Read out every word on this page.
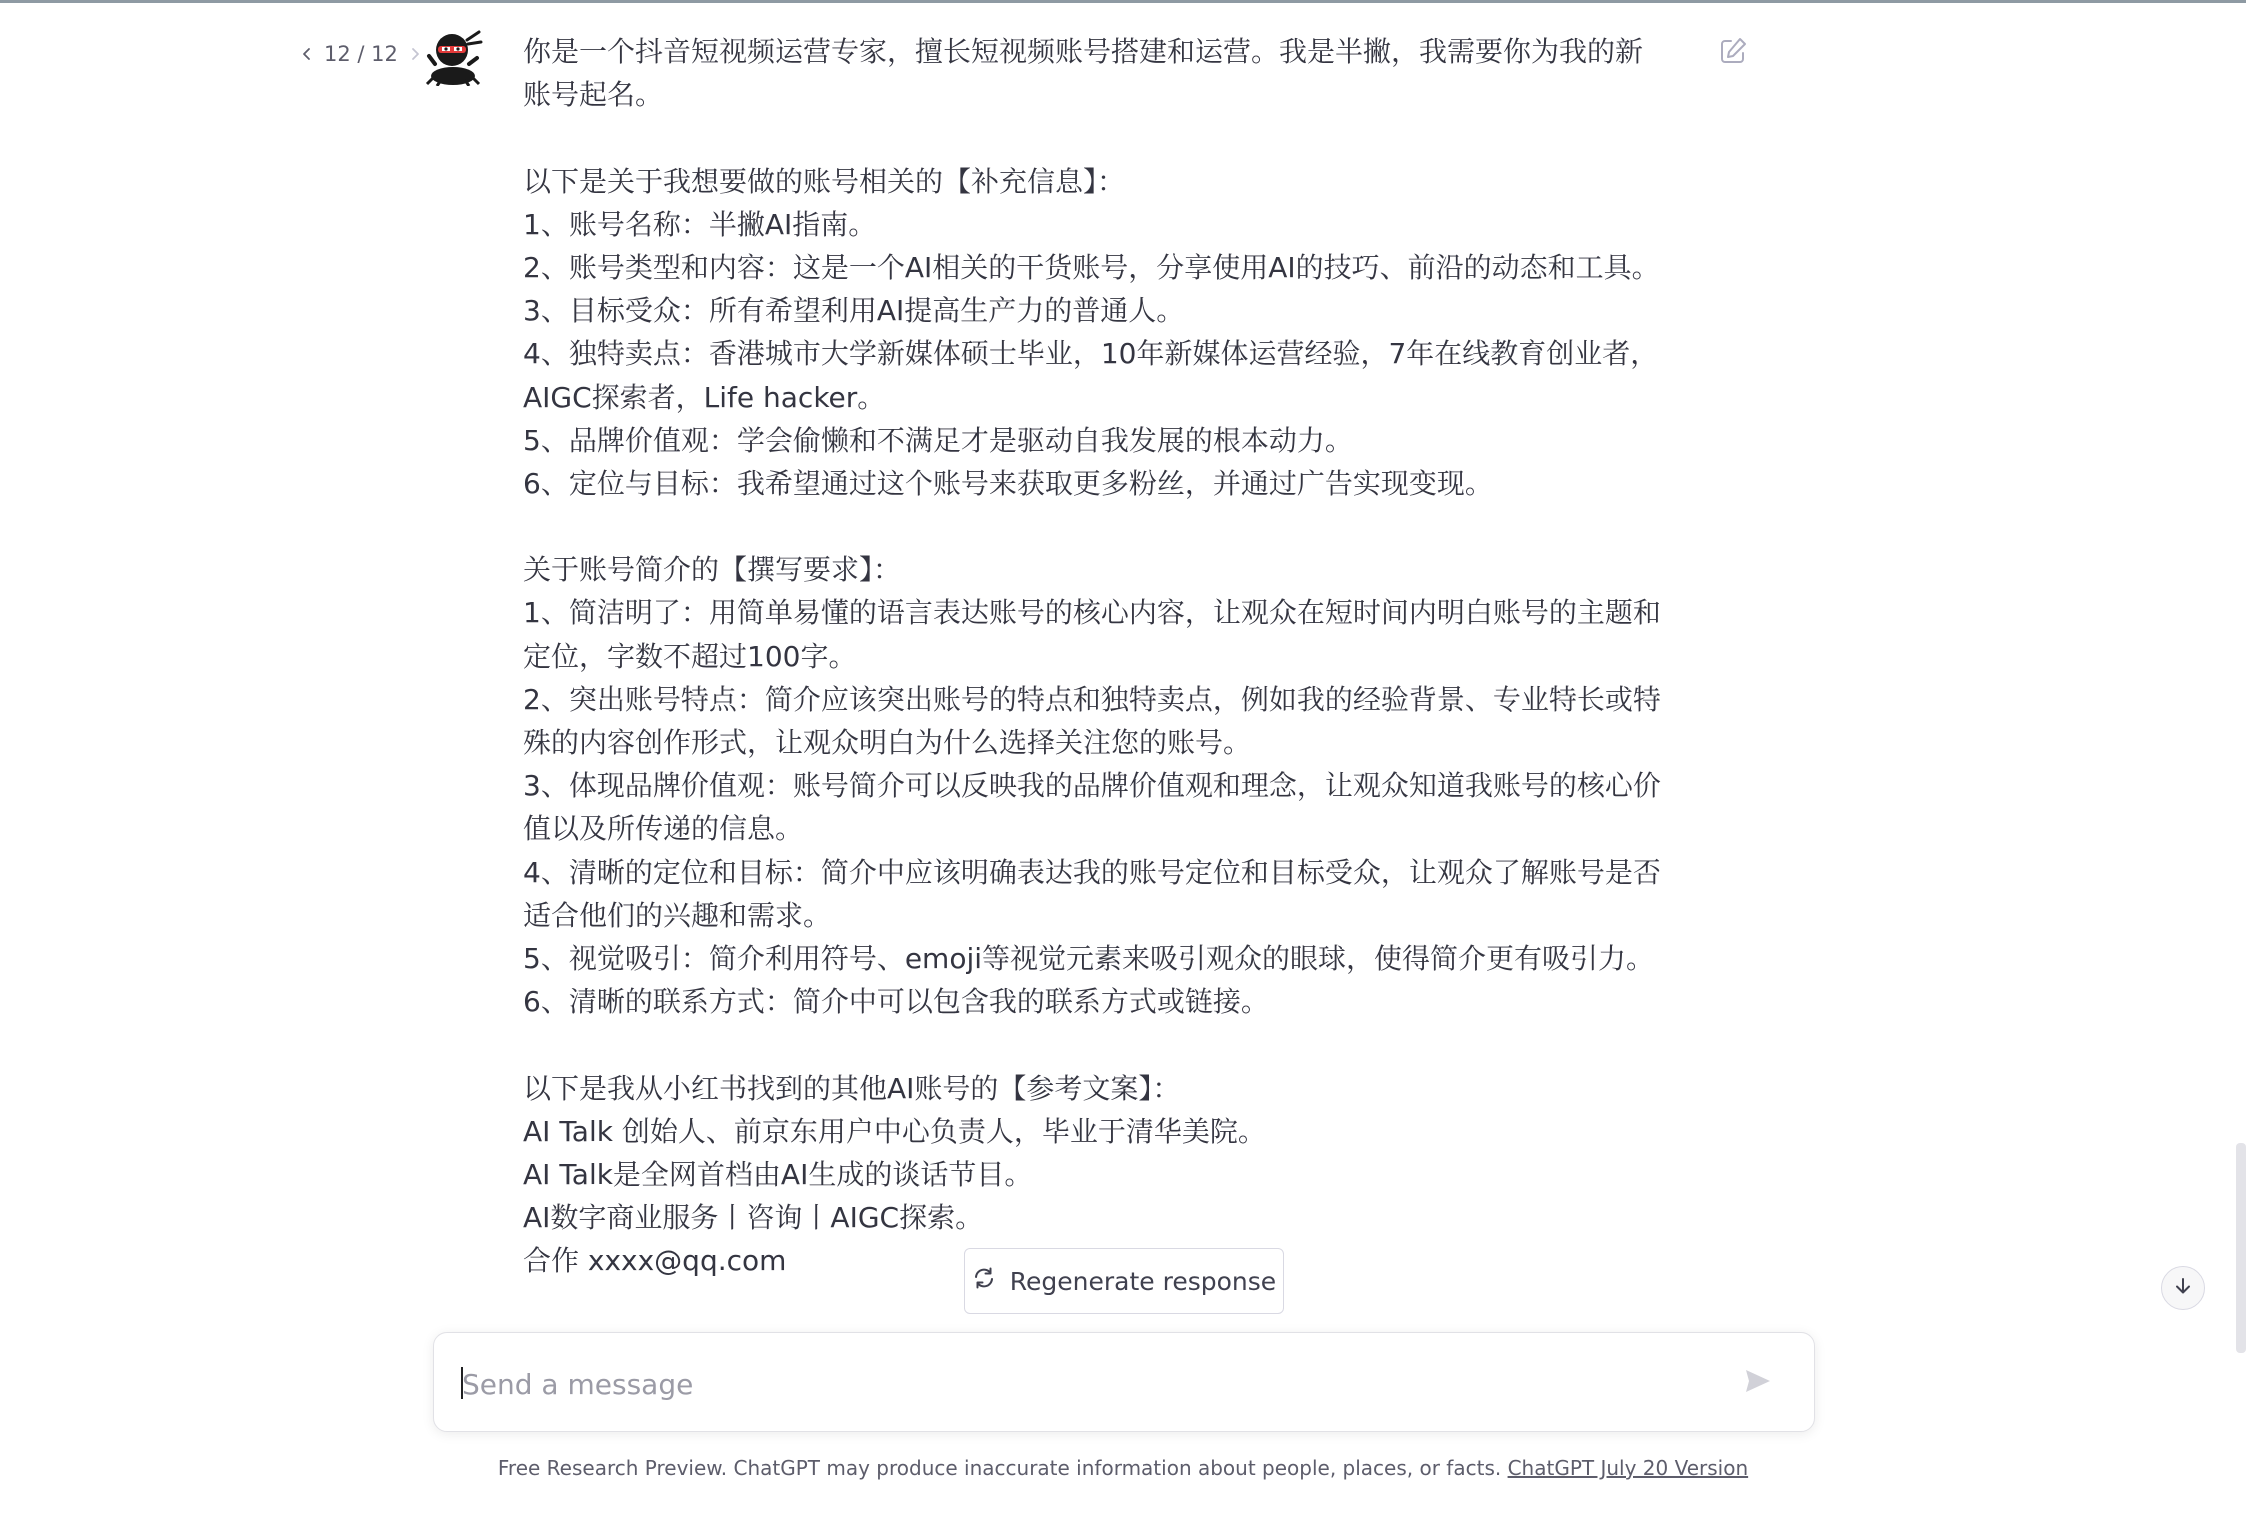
12 / 12	你是一个抖音短视频运营专家，擅长短视频账号搭建和运营。我是半撇，我需要你为我的新
账号起名。
以下是关于我想要做的账号相关的【补充信息】：
1、账号名称：半撇AI指南。
2、账号类型和内容：这是一个AI相关的干货账号，分享使用AI的技巧、前沿的动态和工具。
3、目标受众：所有希望利用AI提高生产力的普通人。
4、独特卖点：香港城市大学新媒体硕士毕业，10年新媒体运营经验，7年在线教育创业者，
AIGC探索者，Life hacker。
5、品牌价值观：学会偷懒和不满足才是驱动自我发展的根本动力。
6、定位与目标：我希望通过这个账号来获取更多粉丝，并通过广告实现变现。
关于账号简介的【撰写要求】：
1、简洁明了：用简单易懂的语言表达账号的核心内容，让观众在短时间内明白账号的主题和
定位，字数不超过100字。
2、突出账号特点：简介应该突出账号的特点和独特卖点，例如我的经验背景、专业特长或特
殊的内容创作形式，让观众明白为什么选择关注您的账号。
3、体现品牌价值观：账号简介可以反映我的品牌价值观和理念，让观众知道我账号的核心价
值以及所传递的信息。
4、清晰的定位和目标：简介中应该明确表达我的账号定位和目标受众，让观众了解账号是否
适合他们的兴趣和需求。
5、视觉吸引：简介利用符号、emoji等视觉元素来吸引观众的眼球，使得简介更有吸引力。
6、清晰的联系方式：简介中可以包含我的联系方式或链接。
以下是我从小红书找到的其他AI账号的【参考文案】：
AI Talk 创始人、前京东用户中心负责人，毕业于清华美院。
AI Talk是全网首档由AI生成的谈话节目。
AI数字商业服务丨咨询丨AIGC探索。
合作 xxxx@qq.com
Regenerate response
Send a message
Free Research Preview. ChatGPT may produce inaccurate information about people, places, or facts. ChatGPT July 20 Version
